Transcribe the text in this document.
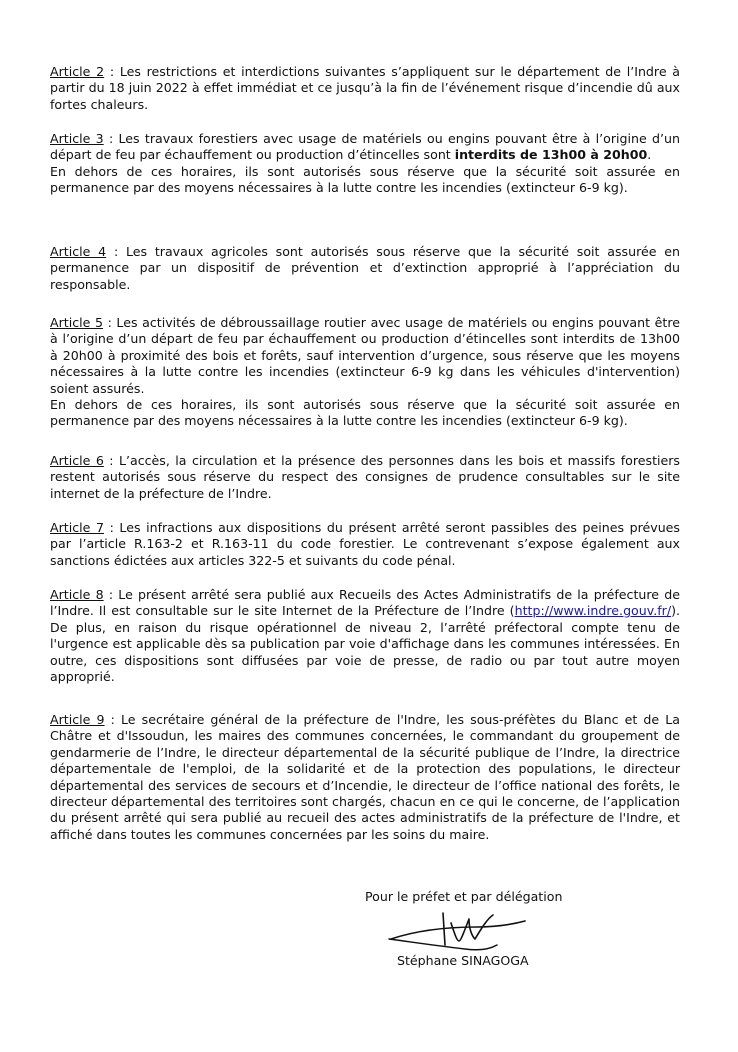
Article 2 : Les restrictions et interdictions suivantes s’appliquent sur le département de l’Indre à partir du 18 juin 2022 à effet immédiat et ce jusqu’à la fin de l’événement risque d’incendie dû aux fortes chaleurs.

Article 3 : Les travaux forestiers avec usage de matériels ou engins pouvant être à l’origine d’un départ de feu par échauffement ou production d’étincelles sont interdits de 13h00 à 20h00.

En dehors de ces horaires, ils sont autorisés sous réserve que la sécurité soit assurée en permanence par des moyens nécessaires à la lutte contre les incendies (extincteur 6-9 kg).

Article 4 : Les travaux agricoles sont autorisés sous réserve que la sécurité soit assurée en permanence par un dispositif de prévention et d’extinction approprié à l’appréciation du responsable.

Article 5 : Les activités de débroussaillage routier avec usage de matériels ou engins pouvant être à l’origine d’un départ de feu par échauffement ou production d’étincelles sont interdits de 13h00 à 20h00 à proximité des bois et forêts, sauf intervention d’urgence, sous réserve que les moyens nécessaires à la lutte contre les incendies (extincteur 6-9 kg dans les véhicules d'intervention) soient assurés.

En dehors de ces horaires, ils sont autorisés sous réserve que la sécurité soit assurée en permanence par des moyens nécessaires à la lutte contre les incendies (extincteur 6-9 kg).

Article 6 : L’accès, la circulation et la présence des personnes dans les bois et massifs forestiers restent autorisés sous réserve du respect des consignes de prudence consultables sur le site internet de la préfecture de l’Indre.

Article 7 : Les infractions aux dispositions du présent arrêté seront passibles des peines prévues par l’article R.163-2 et R.163-11 du code forestier. Le contrevenant s’expose également aux sanctions édictées aux articles 322-5 et suivants du code pénal.

Article 8 : Le présent arrêté sera publié aux Recueils des Actes Administratifs de la préfecture de l’Indre. Il est consultable sur le site Internet de la Préfecture de l’Indre (http://www.indre.gouv.fr/). De plus, en raison du risque opérationnel de niveau 2, l’arrêté préfectoral compte tenu de l'urgence est applicable dès sa publication par voie d'affichage dans les communes intéressées. En outre, ces dispositions sont diffusées par voie de presse, de radio ou par tout autre moyen approprié.

Article 9 : Le secrétaire général de la préfecture de l'Indre, les sous-préfètes du Blanc et de La Châtre et d'Issoudun, les maires des communes concernées, le commandant du groupement de gendarmerie de l’Indre, le directeur départemental de la sécurité publique de l’Indre, la directrice départementale de l'emploi, de la solidarité et de la protection des populations, le directeur départemental des services de secours et d’Incendie, le directeur de l’office national des forêts, le directeur départemental des territoires sont chargés, chacun en ce qui le concerne, de l’application du présent arrêté qui sera publié au recueil des actes administratifs de la préfecture de l'Indre, et affiché dans toutes les communes concernées par les soins du maire.

Pour le préfet et par délégation
Stéphane SINAGOGA
